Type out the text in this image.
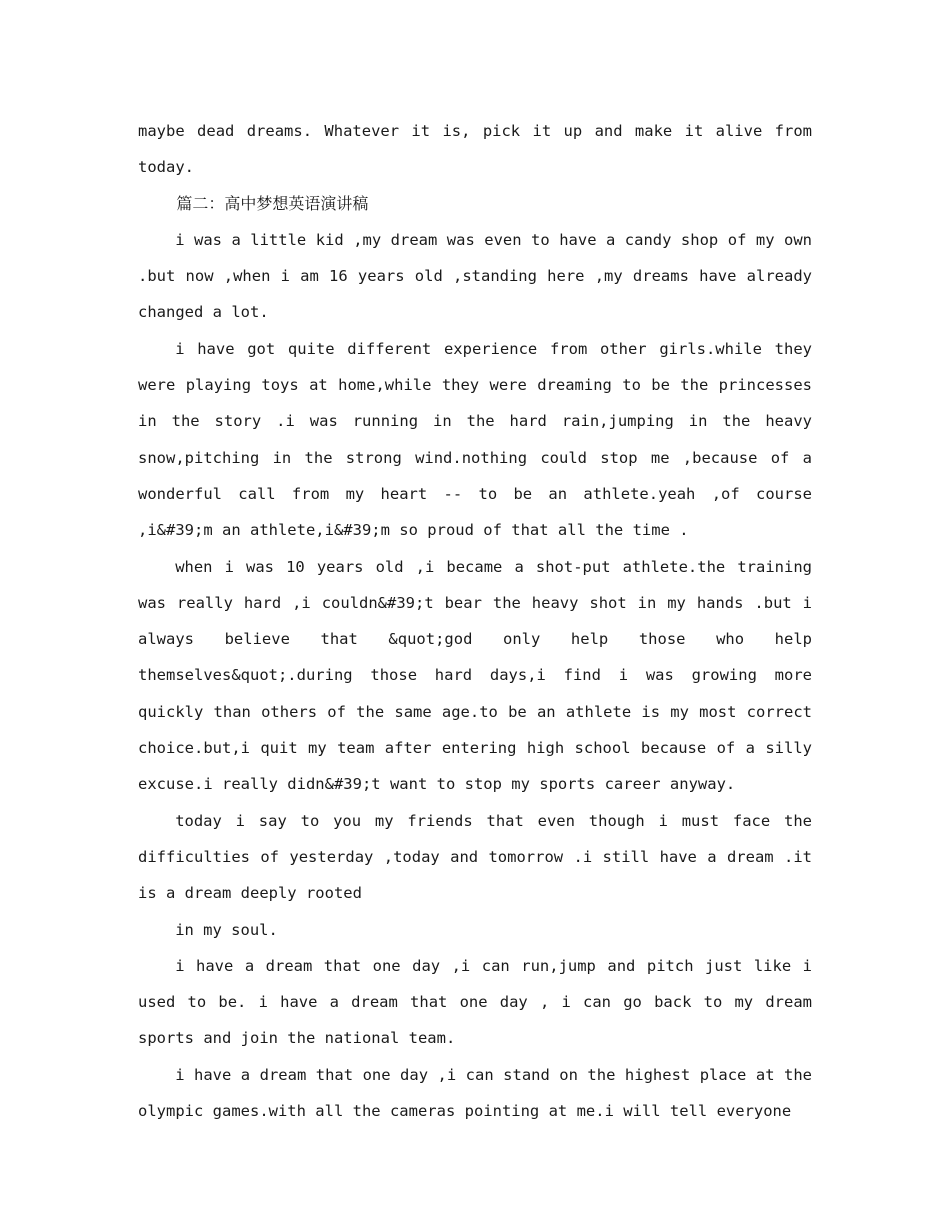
maybe dead dreams. Whatever it is, pick it up and make it alive from today.

篇二：高中梦想英语演讲稿

i was a little kid ,my dream was even to have a candy shop of my own .but now ,when i am 16 years old ,standing here ,my dreams have already changed a lot.

i have got quite different experience from other girls.while they were playing toys at home,while they were dreaming to be the princesses in the story .i was running in the hard rain,jumping in the heavy snow,pitching in the strong wind.nothing could stop me ,because of a wonderful call from my heart -- to be an athlete.yeah ,of course ,i&#39;m an athlete,i&#39;m so proud of that all the time .

when i was 10 years old ,i became a shot-put athlete.the training was really hard ,i couldn&#39;t bear the heavy shot in my hands .but i always believe that &quot;god only help those who help themselves&quot;.during those hard days,i find i was growing more quickly than others of the same age.to be an athlete is my most correct choice.but,i quit my team after entering high school because of a silly excuse.i really didn&#39;t want to stop my sports career anyway.

today i say to you my friends that even though i must face the difficulties of yesterday ,today and tomorrow .i still have a dream .it is a dream deeply rooted

in my soul.

i have a dream that one day ,i can run,jump and pitch just like i used to be. i have a dream that one day , i can go back to my dream sports and join the national team.

i have a dream that one day ,i can stand on the highest place at the olympic games.with all the cameras pointing at me.i will tell everyone
